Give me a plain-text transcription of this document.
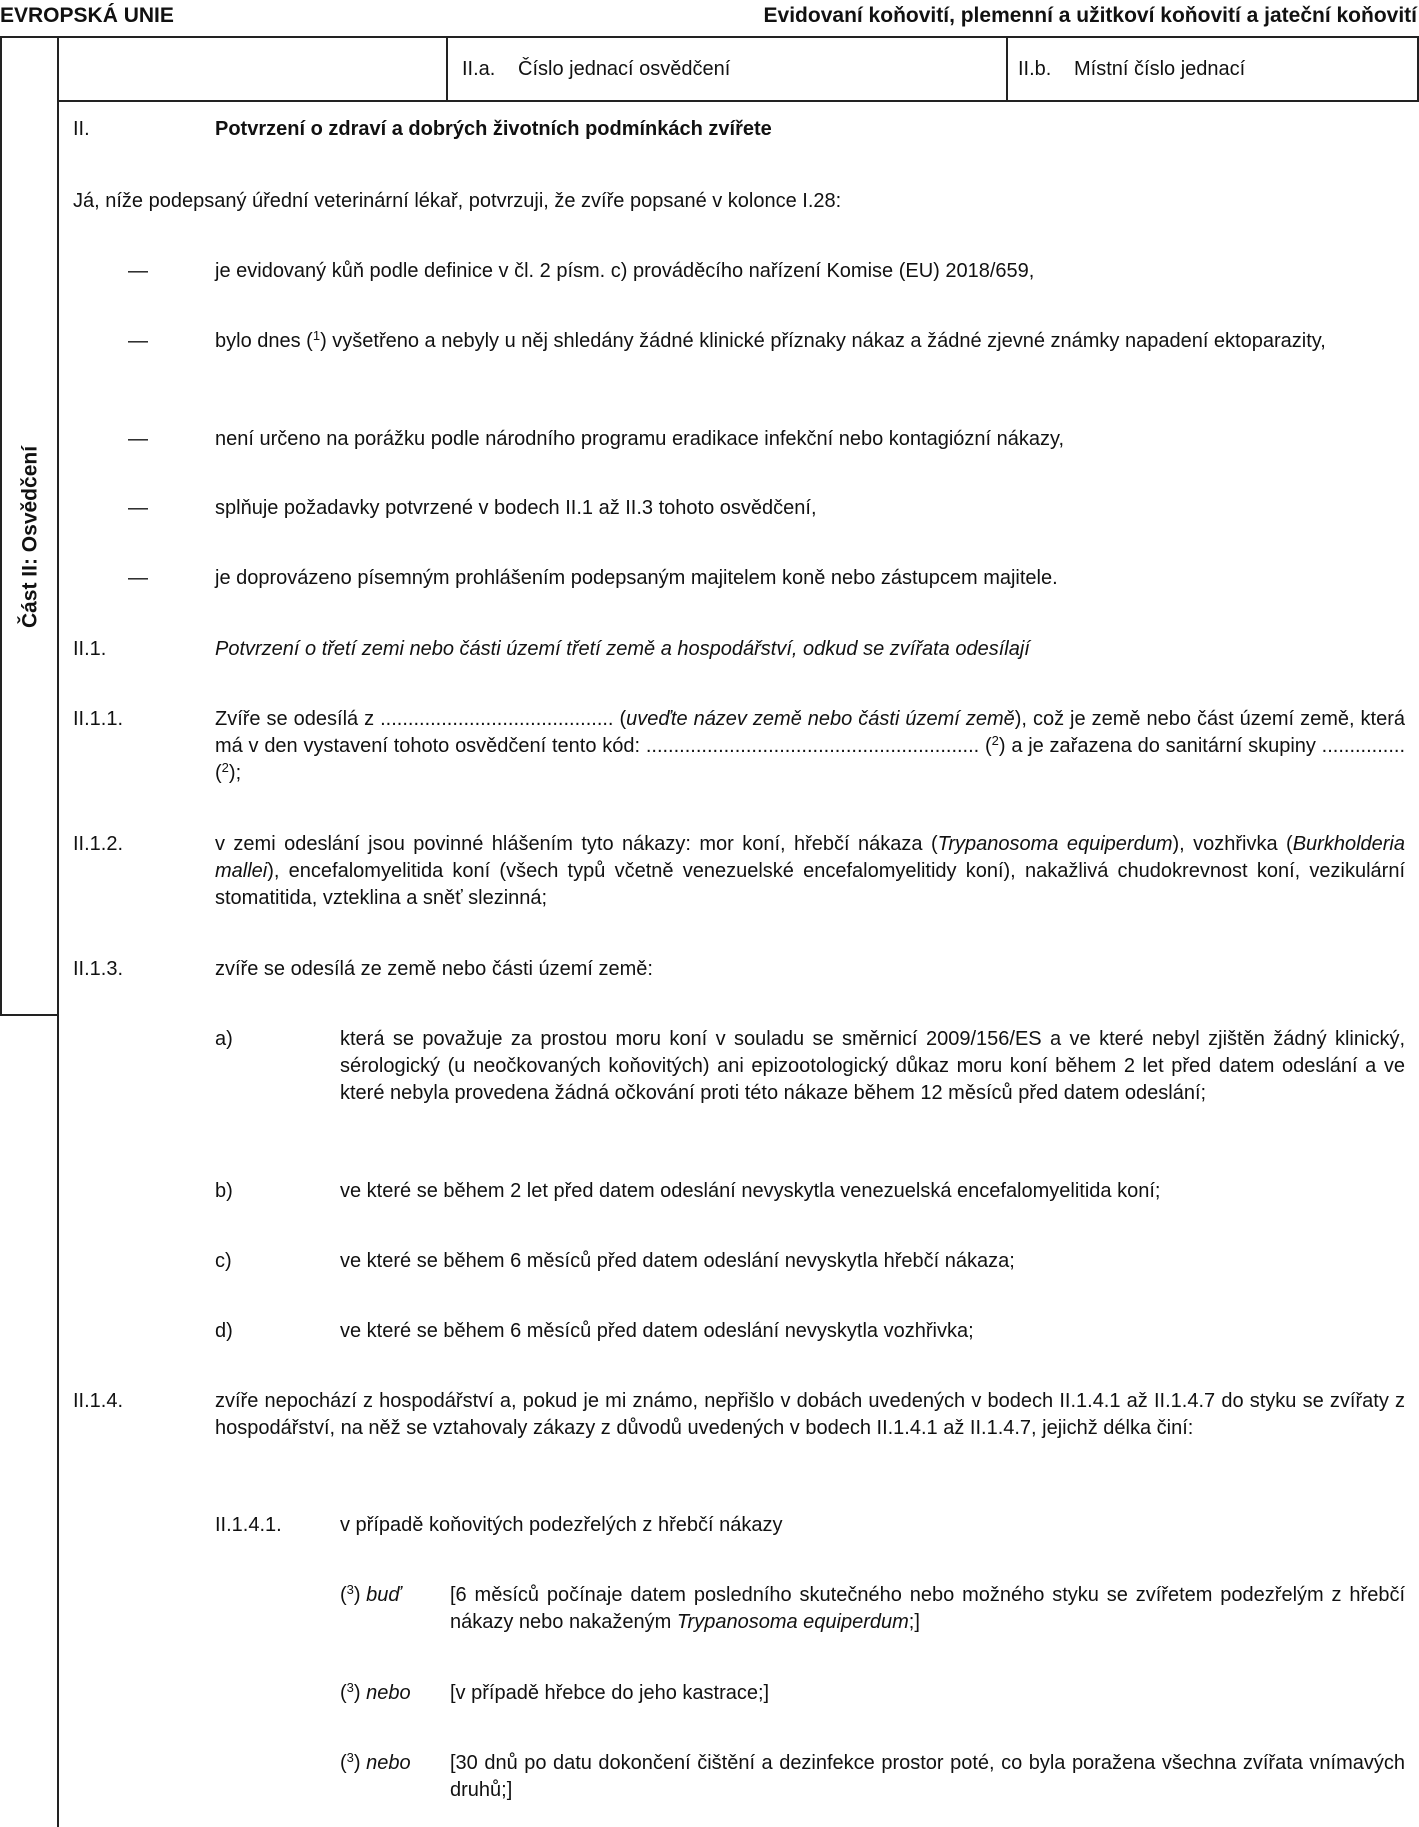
EVROPSKÁ UNIE	Evidovaní koňovití, plemenní a užitkoví koňovití a jateční koňovití
II.a. Číslo jednací osvědčení	II.b. Místní číslo jednací
Část II: Osvědčení
II.	Potvrzení o zdraví a dobrých životních podmínkách zvířete
Já, níže podepsaný úřední veterinární lékař, potvrzuji, že zvíře popsané v kolonce I.28:
—	je evidovaný kůň podle definice v čl. 2 písm. c) prováděcího nařízení Komise (EU) 2018/659,
—	bylo dnes ($^1$) vyšetřeno a nebyly u něj shledány žádné klinické příznaky nákaz a žádné zjevné známky napadení ektoparazity,
—	není určeno na porážku podle národního programu eradikace infekční nebo kontagiózní nákazy,
—	splňuje požadavky potvrzené v bodech II.1 až II.3 tohoto osvědčení,
—	je doprovázeno písemným prohlášením podepsaným majitelem koně nebo zástupcem majitele.
II.1.	Potvrzení o třetí zemi nebo části území třetí země a hospodářství, odkud se zvířata odesílají
II.1.1.	Zvíře se odesílá z .......................................... (uveďte název země nebo části území země), což je země nebo část území země, která má v den vystavení tohoto osvědčení tento kód: ............................................................ ($^2$) a je zařazena do sanitární skupiny ...............($^2$);
II.1.2.	v zemi odeslání jsou povinné hlášením tyto nákazy: mor koní, hřebčí nákaza (Trypanosoma equiperdum), vozhřivka (Burkholderia mallei), encefalomyelitida koní (všech typů včetně venezuelské encefalomyelitidy koní), nakažlivá chudokrevnost koní, vezikulární stomatitida, vzteklina a sněť slezinná;
II.1.3.	zvíře se odesílá ze země nebo části území země:
a)	která se považuje za prostou moru koní v souladu se směrnicí 2009/156/ES a ve které nebyl zjištěn žádný klinický, sérologický (u neočkovaných koňovitých) ani epizootologický důkaz moru koní během 2 let před datem odeslání a ve které nebyla provedena žádná očkování proti této nákaze během 12 měsíců před datem odeslání;
b)	ve které se během 2 let před datem odeslání nevyskytla venezuelská encefalomyelitida koní;
c)	ve které se během 6 měsíců před datem odeslání nevyskytla hřebčí nákaza;
d)	ve které se během 6 měsíců před datem odeslání nevyskytla vozhřivka;
II.1.4.	zvíře nepochází z hospodářství a, pokud je mi známo, nepřišlo v dobách uvedených v bodech II.1.4.1 až II.1.4.7 do styku se zvířaty z hospodářství, na něž se vztahovaly zákazy z důvodů uvedených v bodech II.1.4.1 až II.1.4.7, jejichž délka činí:
II.1.4.1.	v případě koňovitých podezřelých z hřebčí nákazy
($^3$) buď [6 měsíců počínaje datem posledního skutečného nebo možného styku se zvířetem podezřelým z hřebčí nákazy nebo nakaženým Trypanosoma equiperdum;]
($^3$) nebo [v případě hřebce do jeho kastrace;]
($^3$) nebo [30 dnů po datu dokončení čištění a dezinfekce prostor poté, co byla poražena všechna zvířata vnímavých druhů;]
